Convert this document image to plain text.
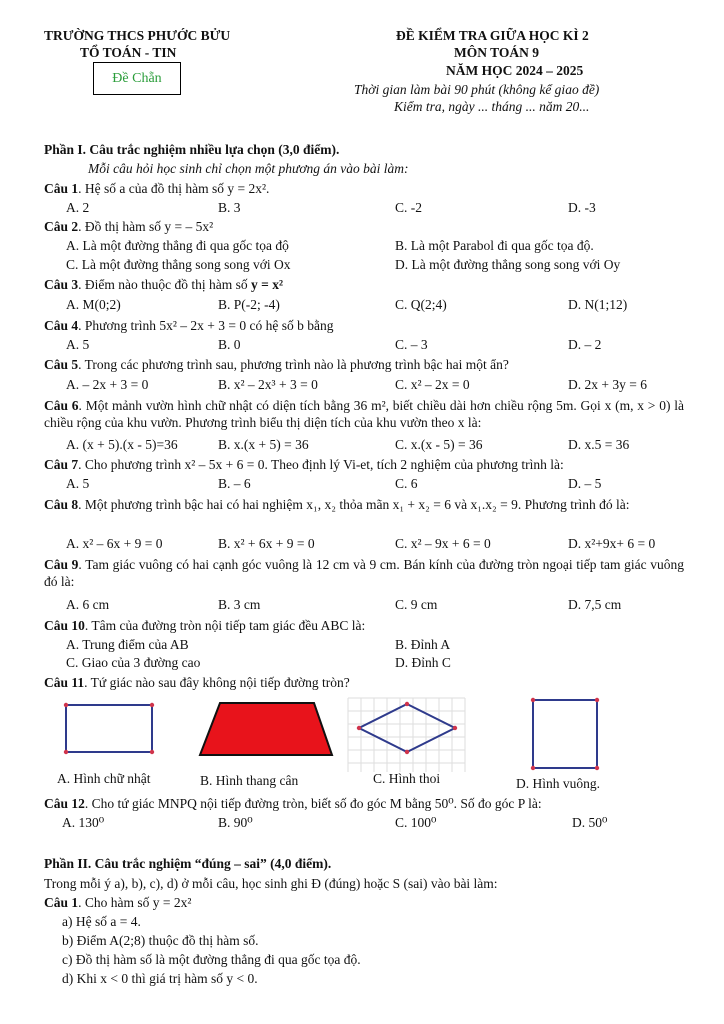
TRƯỜNG THCS PHƯỚC BỬU
TỔ TOÁN - TIN
Đề Chẵn
ĐỀ KIỂM TRA GIỮA HỌC KÌ 2
MÔN TOÁN 9
NĂM HỌC 2024 – 2025
Thời gian làm bài 90 phút (không kể giao đề)
Kiểm tra, ngày ... tháng ... năm 20...
Phần I. Câu trắc nghiệm nhiều lựa chọn (3,0 điểm).
Mỗi câu hỏi học sinh chỉ chọn một phương án vào bài làm:
Câu 1. Hệ số a của đồ thị hàm số y = 2x².
A. 2	B. 3	C. -2	D. -3
Câu 2. Đồ thị hàm số y = – 5x²
A. Là một đường thẳng đi qua gốc tọa độ	B. Là một Parabol đi qua gốc tọa độ.
C. Là một đường thẳng song song với Ox	D. Là một đường thẳng song song với Oy
Câu 3. Điểm nào thuộc đồ thị hàm số y = x²
A. M(0;2)	B. P(-2; -4)	C. Q(2;4)	D. N(1;12)
Câu 4. Phương trình 5x² – 2x + 3 = 0 có hệ số b bằng
A. 5	B. 0	C. – 3	D. – 2
Câu 5. Trong các phương trình sau, phương trình nào là phương trình bậc hai một ẩn?
A. – 2x + 3 = 0	B. x² – 2x³ + 3 = 0	C. x² – 2x = 0	D. 2x + 3y = 6
Câu 6. Một mảnh vườn hình chữ nhật có diện tích bằng 36 m², biết chiều dài hơn chiều rộng 5m. Gọi x (m, x > 0) là chiều rộng của khu vườn. Phương trình biểu thị diện tích của khu vườn theo x là:
A. (x + 5).(x - 5)=36	B. x.(x + 5) = 36	C. x.(x - 5) = 36	D. x.5 = 36
Câu 7. Cho phương trình x² – 5x + 6 = 0. Theo định lý Vi-et, tích 2 nghiệm của phương trình là:
A. 5	B. – 6	C. 6	D. – 5
Câu 8. Một phương trình bậc hai có hai nghiệm x₁, x₂ thỏa mãn x₁ + x₂ = 6 và x₁.x₂ = 9. Phương trình đó là:
A. x² – 6x + 9 = 0	B. x² + 6x + 9 = 0	C. x² – 9x + 6 = 0	D. x²+9x+ 6 = 0
Câu 9. Tam giác vuông có hai cạnh góc vuông là 12 cm và 9 cm. Bán kính của đường tròn ngoại tiếp tam giác vuông đó là:
A. 6 cm	B. 3 cm	C. 9 cm	D. 7,5 cm
Câu 10. Tâm của đường tròn nội tiếp tam giác đều ABC là:
A. Trung điểm của AB	B. Đỉnh A
C. Giao của 3 đường cao	D. Đỉnh C
Câu 11. Tứ giác nào sau đây không nội tiếp đường tròn?
A. Hình chữ nhật	B. Hình thang cân	C. Hình thoi	D. Hình vuông.
Câu 12. Cho tứ giác MNPQ nội tiếp đường tròn, biết số đo góc M bằng 50⁰. Số đo góc P là:
A. 130⁰	B. 90⁰	C. 100⁰	D. 50⁰
Phần II. Câu trắc nghiệm “đúng – sai” (4,0 điểm).
Trong mỗi ý a), b), c), d) ở mỗi câu, học sinh ghi Đ (đúng) hoặc S (sai) vào bài làm:
Câu 1. Cho hàm số y = 2x²
a) Hệ số a = 4.
b) Điểm A(2;8) thuộc đồ thị hàm số.
c) Đồ thị hàm số là một đường thẳng đi qua gốc tọa độ.
d) Khi x < 0 thì giá trị hàm số y < 0.
